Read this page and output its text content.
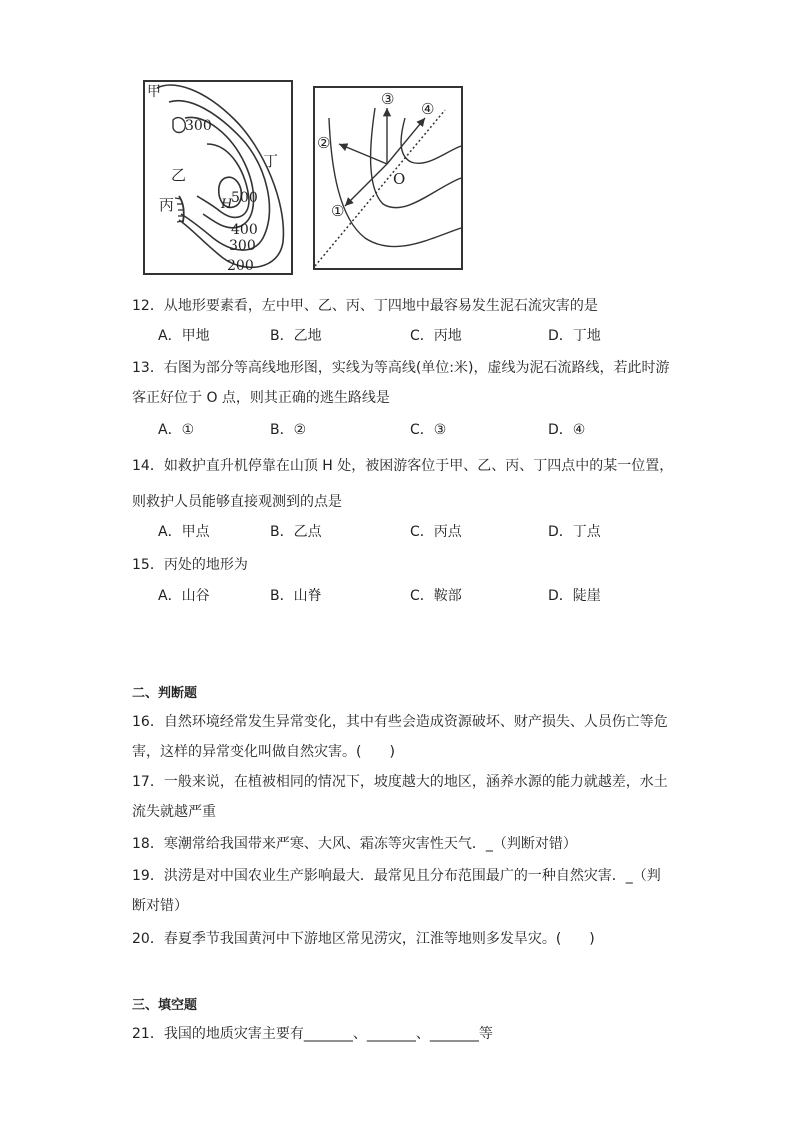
甲
300
丁
乙
500
H
丙
400
300
200
①
②
③
④
O
12．从地形要素看，左中甲、乙、丙、丁四地中最容易发生泥石流灾害的是
A．甲地	B．乙地	C．丙地	D．丁地
13．右图为部分等高线地形图，实线为等高线(单位:米)，虚线为泥石流路线，若此时游
客正好位于 O 点，则其正确的逃生路线是
A．①	B．②	C．③	D．④
14．如救护直升机停靠在山顶 H 处，被困游客位于甲、乙、丙、丁四点中的某一位置，
则救护人员能够直接观测到的点是
A．甲点	B．乙点	C．丙点	D．丁点
15．丙处的地形为
A．山谷	B．山脊	C．鞍部	D．陡崖
二、判断题
16．自然环境经常发生异常变化，其中有些会造成资源破坏、财产损失、人员伤亡等危
害，这样的异常变化叫做自然灾害。(　　)
17．一般来说，在植被相同的情况下，坡度越大的地区，涵养水源的能力就越差，水土
流失就越严重
18．寒潮常给我国带来严寒、大风、霜冻等灾害性天气．_（判断对错）
19．洪涝是对中国农业生产影响最大．最常见且分布范围最广的一种自然灾害．_（判
断对错）
20．春夏季节我国黄河中下游地区常见涝灾，江淮等地则多发旱灾。(　　)
三、填空题
21．我国的地质灾害主要有_______、_______、_______等
